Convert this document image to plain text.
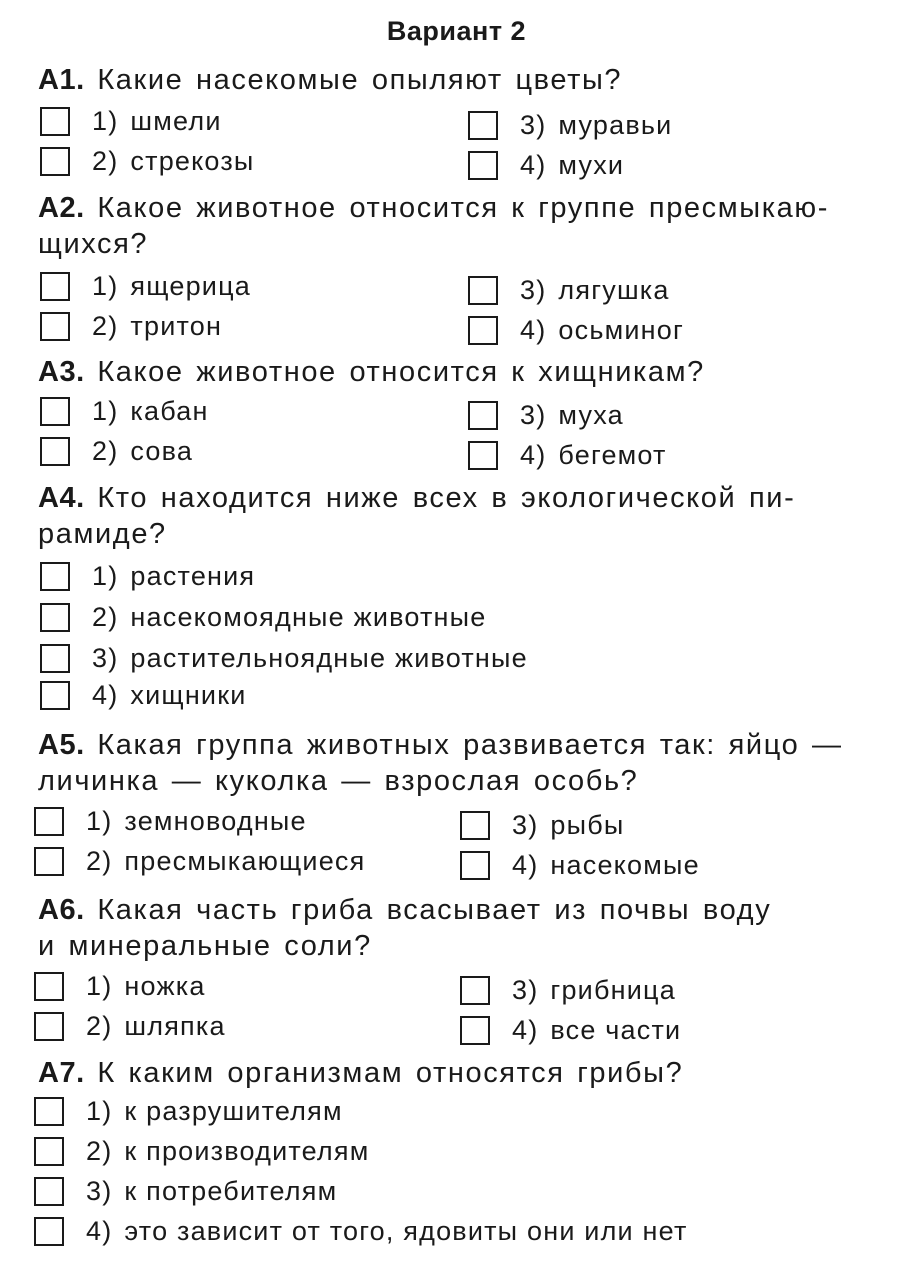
Вариант 2
А1. Какие насекомые опыляют цветы?
1) шмели
2) стрекозы
3) муравьи
4) мухи
А2. Какое животное относится к группе пресмыкаю-
щихся?
1) ящерица
2) тритон
3) лягушка
4) осьминог
А3. Какое животное относится к хищникам?
1) кабан
2) сова
3) муха
4) бегемот
А4. Кто находится ниже всех в экологической пи-
рамиде?
1) растения
2) насекомоядные животные
3) растительноядные животные
4) хищники
А5. Какая группа животных развивается так: яйцо —
личинка — куколка — взрослая особь?
1) земноводные
2) пресмыкающиеся
3) рыбы
4) насекомые
А6. Какая часть гриба всасывает из почвы воду
и минеральные соли?
1) ножка
2) шляпка
3) грибница
4) все части
А7. К каким организмам относятся грибы?
1) к разрушителям
2) к производителям
3) к потребителям
4) это зависит от того, ядовиты они или нет
